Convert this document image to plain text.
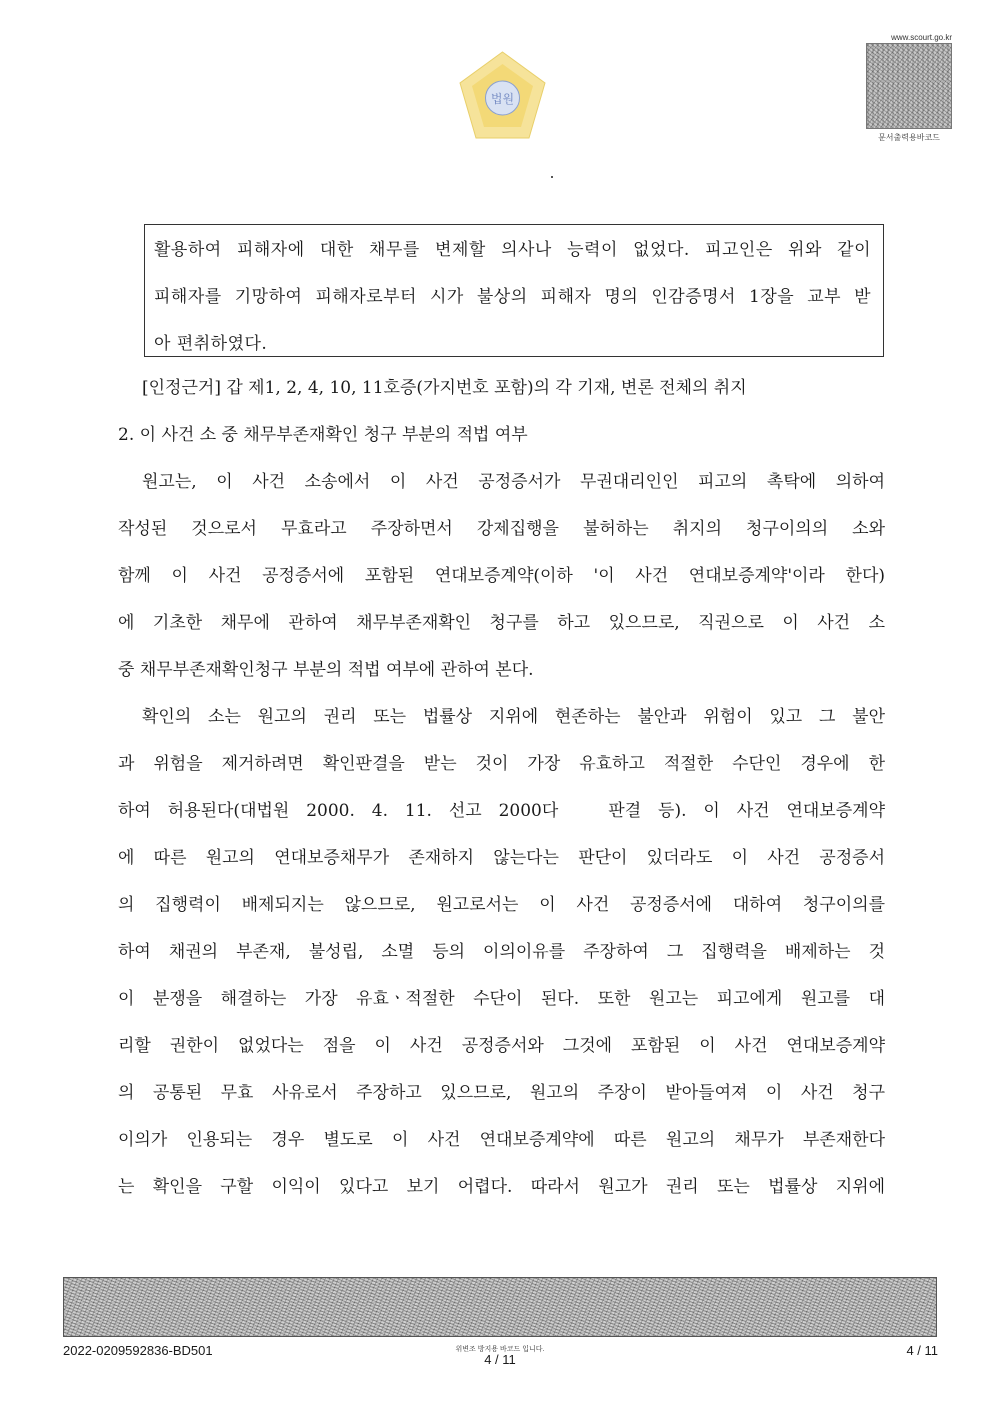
법원
www.scourt.go.kr
문서출력용바코드

활용하여 피해자에 대한 채무를 변제할 의사나 능력이 없었다. 피고인은 위와 같이

피해자를 기망하여 피해자로부터 시가 불상의 피해자 명의 인감증명서 1장을 교부 받

아 편취하였다.

[인정근거] 갑 제1, 2, 4, 10, 11호증(가지번호 포함)의 각 기재, 변론 전체의 취지

2. 이 사건 소 중 채무부존재확인 청구 부분의 적법 여부

원고는, 이 사건 소송에서 이 사건 공정증서가 무권대리인인 피고의 촉탁에 의하여

작성된 것으로서 무효라고 주장하면서 강제집행을 불허하는 취지의 청구이의의 소와

함께 이 사건 공정증서에 포함된 연대보증계약(이하 '이 사건 연대보증계약'이라 한다)

에 기초한 채무에 관하여 채무부존재확인 청구를 하고 있으므로, 직권으로 이 사건 소

중 채무부존재확인청구 부분의 적법 여부에 관하여 본다.

확인의 소는 원고의 권리 또는 법률상 지위에 현존하는 불안과 위험이 있고 그 불안

과 위험을 제거하려면 확인판결을 받는 것이 가장 유효하고 적절한 수단인 경우에 한

하여 허용된다(대법원 2000. 4. 11. 선고 2000다	판결 등). 이 사건 연대보증계약

에 따른 원고의 연대보증채무가 존재하지 않는다는 판단이 있더라도 이 사건 공정증서

의 집행력이 배제되지는 않으므로, 원고로서는 이 사건 공정증서에 대하여 청구이의를

하여 채권의 부존재, 불성립, 소멸 등의 이의이유를 주장하여 그 집행력을 배제하는 것

이 분쟁을 해결하는 가장 유효ㆍ적절한 수단이 된다. 또한 원고는 피고에게 원고를 대

리할 권한이 없었다는 점을 이 사건 공정증서와 그것에 포함된 이 사건 연대보증계약

의 공통된 무효 사유로서 주장하고 있으므로, 원고의 주장이 받아들여져 이 사건 청구

이의가 인용되는 경우 별도로 이 사건 연대보증계약에 따른 원고의 채무가 부존재한다

는 확인을 구할 이익이 있다고 보기 어렵다. 따라서 원고가 권리 또는 법률상 지위에

2022-0209592836-BD501	위변조 방지용 바코드 입니다.
4 / 11
4 / 11
